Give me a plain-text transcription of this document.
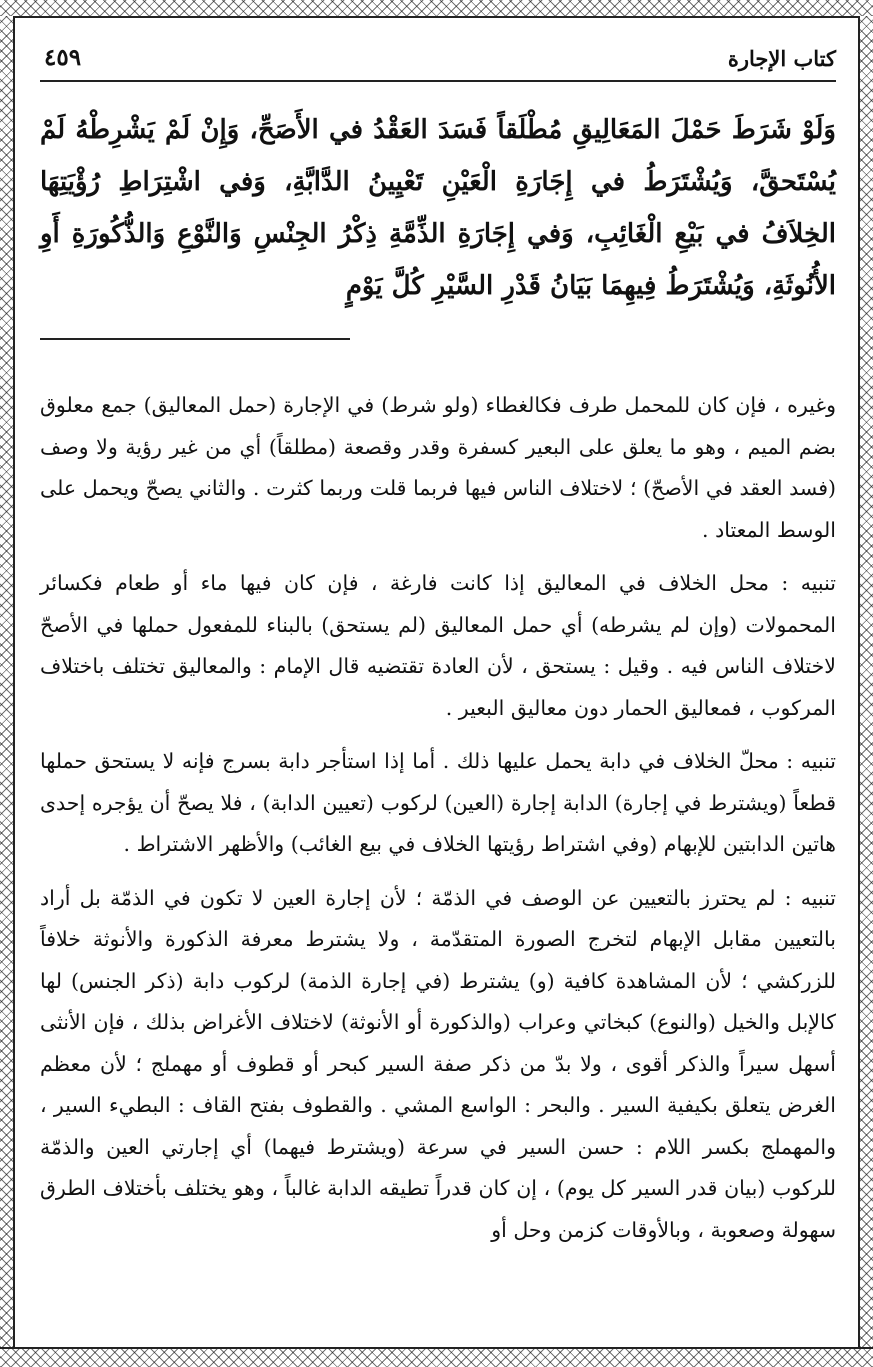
كتاب الإجارة
٤٥٩
وَلَوْ شَرَطَ حَمْلَ المَعَالِيقِ مُطْلَقاً فَسَدَ العَقْدُ في الأَصَحِّ، وَإِنْ لَمْ يَشْرِطْهُ لَمْ يُسْتَحقَّ، وَيُشْتَرَطُ في إِجَارَةِ الْعَيْنِ تَعْيِينُ الدَّابَّةِ، وَفي اشْتِرَاطِ رُؤْيَتِهَا الخِلاَفُ في بَيْعِ الْغَائِبِ، وَفي إِجَارَةِ الذِّمَّةِ ذِكْرُ الجِنْسِ وَالنَّوْعِ وَالذُّكُورَةِ أَوِ الأُنُوثَةِ، وَيُشْتَرَطُ فِيهِمَا بَيَانُ قَدْرِ السَّيْرِ كُلَّ يَوْمٍ

وغيره ، فإن كان للمحمل طرف فكالغطاء (ولو شرط) في الإجارة (حمل المعاليق) جمع معلوق بضم الميم ، وهو ما يعلق على البعير كسفرة وقدر وقصعة (مطلقاً) أي من غير رؤية ولا وصف (فسد العقد في الأصحّ) ؛ لاختلاف الناس فيها فربما قلت وربما كثرت . والثاني يصحّ ويحمل على الوسط المعتاد .

تنبيه : محل الخلاف في المعاليق إذا كانت فارغة ، فإن كان فيها ماء أو طعام فكسائر المحمولات (وإن لم يشرطه) أي حمل المعاليق (لم يستحق) بالبناء للمفعول حملها في الأصحّ لاختلاف الناس فيه . وقيل : يستحق ، لأن العادة تقتضيه قال الإمام : والمعاليق تختلف باختلاف المركوب ، فمعاليق الحمار دون معاليق البعير .

تنبيه : محلّ الخلاف في دابة يحمل عليها ذلك . أما إذا استأجر دابة بسرج فإنه لا يستحق حملها قطعاً (ويشترط في إجارة) الدابة إجارة (العين) لركوب (تعيين الدابة) ، فلا يصحّ أن يؤجره إحدى هاتين الدابتين للإبهام (وفي اشتراط رؤيتها الخلاف في بيع الغائب) والأظهر الاشتراط .

تنبيه : لم يحترز بالتعيين عن الوصف في الذمّة ؛ لأن إجارة العين لا تكون في الذمّة بل أراد بالتعيين مقابل الإبهام لتخرج الصورة المتقدّمة ، ولا يشترط معرفة الذكورة والأنوثة خلافاً للزركشي ؛ لأن المشاهدة كافية (و) يشترط (في إجارة الذمة) لركوب دابة (ذكر الجنس) لها كالإبل والخيل (والنوع) كبخاتي وعراب (والذكورة أو الأنوثة) لاختلاف الأغراض بذلك ، فإن الأنثى أسهل سيراً والذكر أقوى ، ولا بدّ من ذكر صفة السير كبحر أو قطوف أو مهملج ؛ لأن معظم الغرض يتعلق بكيفية السير . والبحر : الواسع المشي . والقطوف بفتح القاف : البطيء السير ، والمهملج بكسر اللام : حسن السير في سرعة (ويشترط فيهما) أي إجارتي العين والذمّة للركوب (بيان قدر السير كل يوم) ، إن كان قدراً تطيقه الدابة غالباً ، وهو يختلف بأختلاف الطرق سهولة وصعوبة ، وبالأوقات كزمن وحل أو
